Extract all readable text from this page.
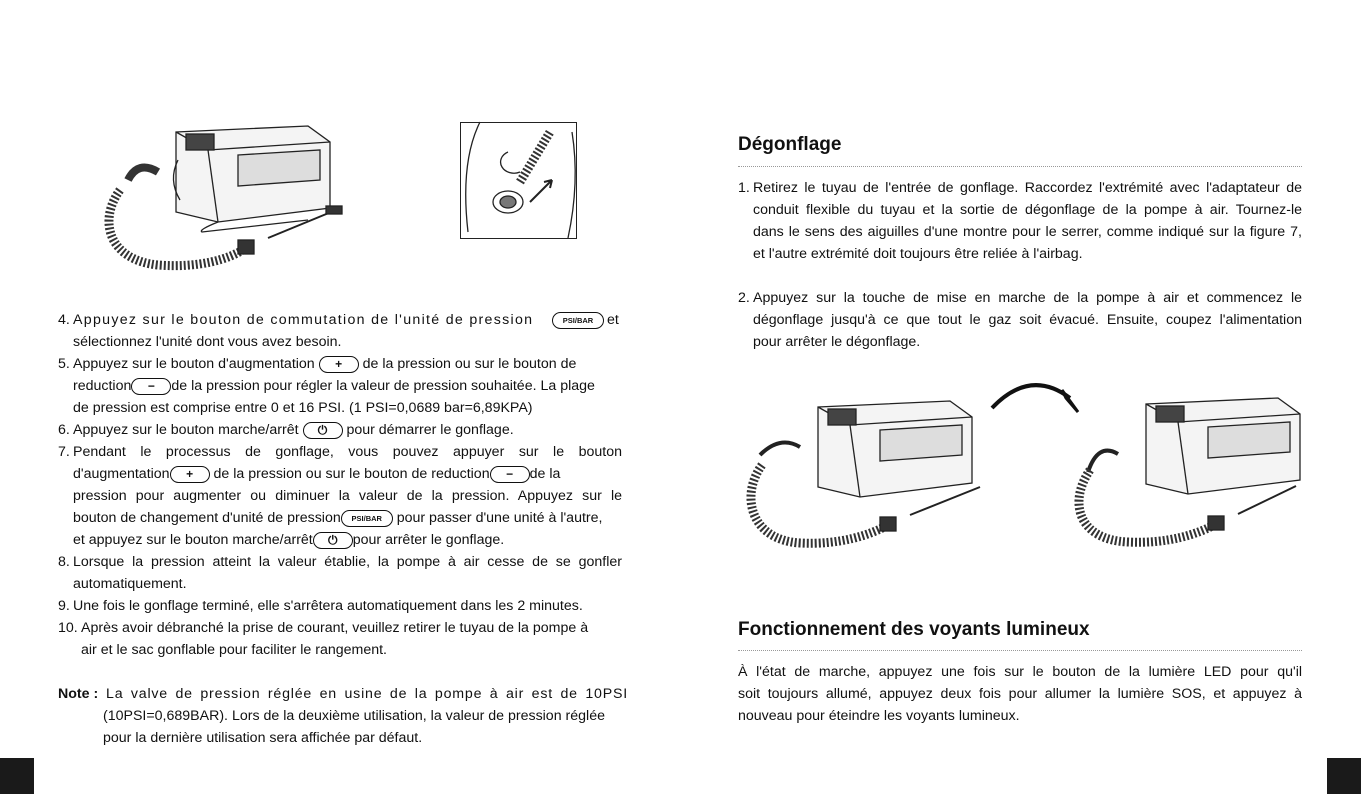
4. Appuyez sur le bouton de commutation de l'unité de pression	PSI/BAR et
sélectionnez l'unité dont vous avez besoin.
5. Appuyez sur le bouton d'augmentation + de la pression ou sur le bouton de
reduction − de la pression pour régler la valeur de pression souhaitée. La plage
de pression est comprise entre 0 et 16 PSI. (1 PSI=0,0689 bar=6,89KPA)
6. Appuyez sur le bouton marche/arrêt ⏻ pour démarrer le gonflage.
7. Pendant le processus de gonflage, vous pouvez appuyer sur le bouton
d'augmentation + de la pression ou sur le bouton de reduction − de la
pression pour augmenter ou diminuer la valeur de la pression. Appuyez sur le
bouton de changement d'unité de pression PSI/BAR pour passer d'une unité à l'autre,
et appuyez sur le bouton marche/arrêt ⏻ pour arrêter le gonflage.
8. Lorsque la pression atteint la valeur établie, la pompe à air cesse de se gonfler
automatiquement.
9. Une fois le gonflage terminé, elle s'arrêtera automatiquement dans les 2 minutes.
10. Après avoir débranché la prise de courant, veuillez retirer le tuyau de la pompe à
air et le sac gonflable pour faciliter le rangement.
Note : La valve de pression réglée en usine de la pompe à air est de 10PSI
(10PSI=0,689BAR). Lors de la deuxième utilisation, la valeur de pression réglée
pour la dernière utilisation sera affichée par défaut.
Dégonflage
1. Retirez le tuyau de l'entrée de gonflage. Raccordez l'extrémité avec l'adaptateur de
conduit flexible du tuyau et la sortie de dégonflage de la pompe à air. Tournez-le
dans le sens des aiguilles d'une montre pour le serrer, comme indiqué sur la figure 7,
et l'autre extrémité doit toujours être reliée à l'airbag.
2. Appuyez sur la touche de mise en marche de la pompe à air et commencez le
dégonflage jusqu'à ce que tout le gaz soit évacué. Ensuite, coupez l'alimentation
pour arrêter le dégonflage.
Fonctionnement des voyants lumineux
À l'état de marche, appuyez une fois sur le bouton de la lumière LED pour qu'il
soit toujours allumé, appuyez deux fois pour allumer la lumière SOS, et appuyez à
nouveau pour éteindre les voyants lumineux.
